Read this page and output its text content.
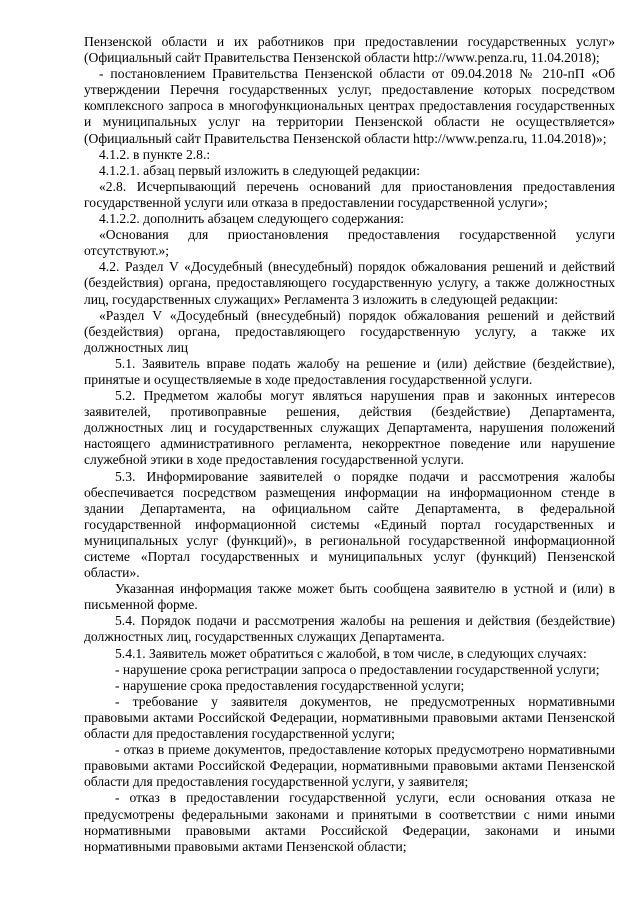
Пензенской области и их работников при предоставлении государственных услуг» (Официальный сайт Правительства Пензенской области http://www.penza.ru, 11.04.2018);

- постановлением Правительства Пензенской области от 09.04.2018 № 210-пП «Об утверждении Перечня государственных услуг, предоставление которых посредством комплексного запроса в многофункциональных центрах предоставления государственных и муниципальных услуг на территории Пензенской области не осуществляется» (Официальный сайт Правительства Пензенской области http://www.penza.ru, 11.04.2018)»;

4.1.2. в пункте 2.8.:

4.1.2.1. абзац первый изложить в следующей редакции:

«2.8. Исчерпывающий перечень оснований для приостановления предоставления государственной услуги или отказа в предоставлении государственной услуги»;

4.1.2.2. дополнить абзацем следующего содержания:

«Основания для приостановления предоставления государственной услуги отсутствуют.»;

4.2. Раздел V «Досудебный (внесудебный) порядок обжалования решений и действий (бездействия) органа, предоставляющего государственную услугу, а также должностных лиц, государственных служащих» Регламента 3 изложить в следующей редакции:

«Раздел V «Досудебный (внесудебный) порядок обжалования решений и действий (бездействия) органа, предоставляющего государственную услугу, а также их должностных лиц

5.1. Заявитель вправе подать жалобу на решение и (или) действие (бездействие), принятые и осуществляемые в ходе предоставления государственной услуги.

5.2. Предметом жалобы могут являться нарушения прав и законных интересов заявителей, противоправные решения, действия (бездействие) Департамента, должностных лиц и государственных служащих Департамента, нарушения положений настоящего административного регламента, некорректное поведение или нарушение служебной этики в ходе предоставления государственной услуги.

5.3. Информирование заявителей о порядке подачи и рассмотрения жалобы обеспечивается посредством размещения информации на информационном стенде в здании Департамента, на официальном сайте Департамента, в федеральной государственной информационной системы «Единый портал государственных и муниципальных услуг (функций)», в региональной государственной информационной системе «Портал государственных и муниципальных услуг (функций) Пензенской области».

Указанная информация также может быть сообщена заявителю в устной и (или) в письменной форме.

5.4. Порядок подачи и рассмотрения жалобы на решения и действия (бездействие) должностных лиц, государственных служащих Департамента.

5.4.1. Заявитель может обратиться с жалобой, в том числе, в следующих случаях:

- нарушение срока регистрации запроса о предоставлении государственной услуги;

- нарушение срока предоставления государственной услуги;

- требование у заявителя документов, не предусмотренных нормативными правовыми актами Российской Федерации, нормативными правовыми актами Пензенской области для предоставления государственной услуги;

- отказ в приеме документов, предоставление которых предусмотрено нормативными правовыми актами Российской Федерации, нормативными правовыми актами Пензенской области для предоставления государственной услуги, у заявителя;

- отказ в предоставлении государственной услуги, если основания отказа не предусмотрены федеральными законами и принятыми в соответствии с ними иными нормативными правовыми актами Российской Федерации, законами и иными нормативными правовыми актами Пензенской области;
